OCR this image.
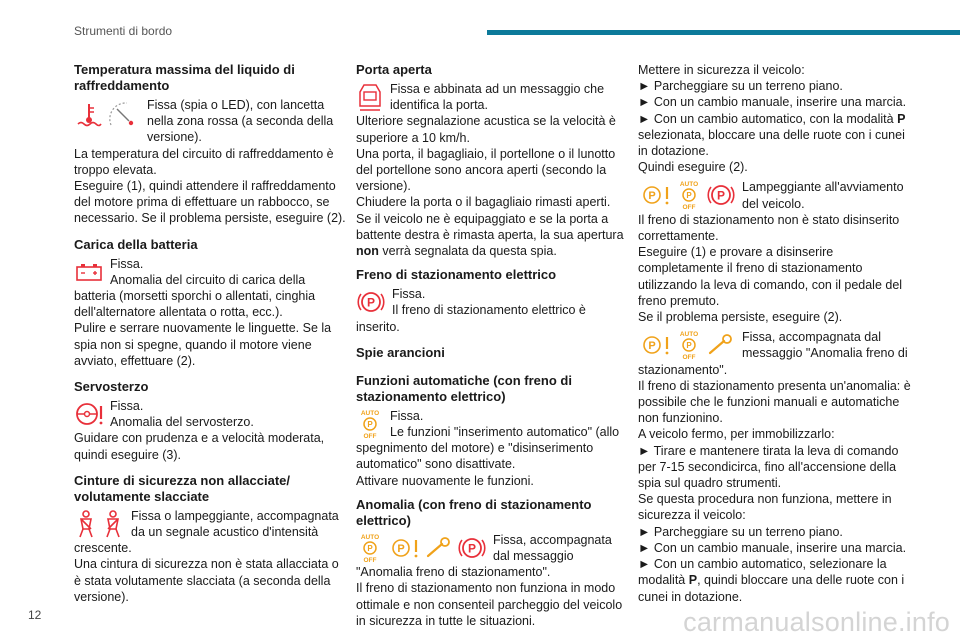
Strumenti di bordo
Temperatura massima del liquido di raffreddamento

Fissa (spia o LED), con lancetta nella zona rossa (a seconda della versione).

La temperatura del circuito di raffreddamento è troppo elevata.

Eseguire (1), quindi attendere il raffreddamento del motore prima di effettuare un rabbocco, se necessario. Se il problema persiste, eseguire (2).

Carica della batteria

Fissa.

Anomalia del circuito di carica della batteria (morsetti sporchi o allentati, cinghia dell'alternatore allentata o rotta, ecc.).

Pulire e serrare nuovamente le linguette. Se la spia non si spegne, quando il motore viene avviato, effettuare (2).

Servosterzo

Fissa.

Anomalia del servosterzo.

Guidare con prudenza e a velocità moderata, quindi eseguire (3).

Cinture di sicurezza non allacciate/ volutamente slacciate

Fissa o lampeggiante, accompagnata da un segnale acustico d'intensità crescente.

Una cintura di sicurezza non è stata allacciata o è stata volutamente slacciata (a seconda della versione).

Porta aperta

Fissa e abbinata ad un messaggio che identifica la porta.

Ulteriore segnalazione acustica se la velocità è superiore a 10 km/h.

Una porta, il bagagliaio, il portellone o il lunotto del portellone sono ancora aperti (secondo la versione).

Chiudere la porta o il bagagliaio rimasti aperti. Se il veicolo ne è equipaggiato e se la porta a battente destra è rimasta aperta, la sua apertura non verrà segnalata da questa spia.

Freno di stazionamento elettrico
P

Fissa.

Il freno di stazionamento elettrico è inserito.

Spie arancioni
Funzioni automatiche (con freno di stazionamento elettrico)
AUTO
P
OFF

Fissa.

Le funzioni "inserimento automatico" (allo spegnimento del motore) e "disinserimento automatico" sono disattivate.

Attivare nuovamente le funzioni.

Anomalia (con freno di stazionamento elettrico)
AUTO
P
OFF
P	P

Fissa, accompagnata dal messaggio "Anomalia freno di stazionamento".

Il freno di stazionamento non funziona in modo ottimale e non consenteil parcheggio del veicolo in sicurezza in tutte le situazioni.

Mettere in sicurezza il veicolo:

► Parcheggiare su un terreno piano.

► Con un cambio manuale, inserire una marcia.

► Con un cambio automatico, con la modalità P selezionata, bloccare una delle ruote con i cunei in dotazione.

Quindi eseguire (2).

P
AUTO
P
OFF
P

Lampeggiante all'avviamento del veicolo.

Il freno di stazionamento non è stato disinserito correttamente.

Eseguire (1) e provare a disinserire completamente il freno di stazionamento utilizzando la leva di comando, con il pedale del freno premuto.

Se il problema persiste, eseguire (2).

P
AUTO
P
OFF

Fissa, accompagnata dal messaggio "Anomalia freno di stazionamento".

Il freno di stazionamento presenta un'anomalia: è possibile che le funzioni manuali e automatiche non funzionino.

A veicolo fermo, per immobilizzarlo:

► Tirare e mantenere tirata la leva di comando per 7-15 secondicirca, fino all'accensione della spia sul quadro strumenti.

Se questa procedura non funziona, mettere in sicurezza il veicolo:

► Parcheggiare su un terreno piano.

► Con un cambio manuale, inserire una marcia.

► Con un cambio automatico, selezionare la modalità P, quindi bloccare una delle ruote con i cunei in dotazione.

12	carmanualsonline.info
